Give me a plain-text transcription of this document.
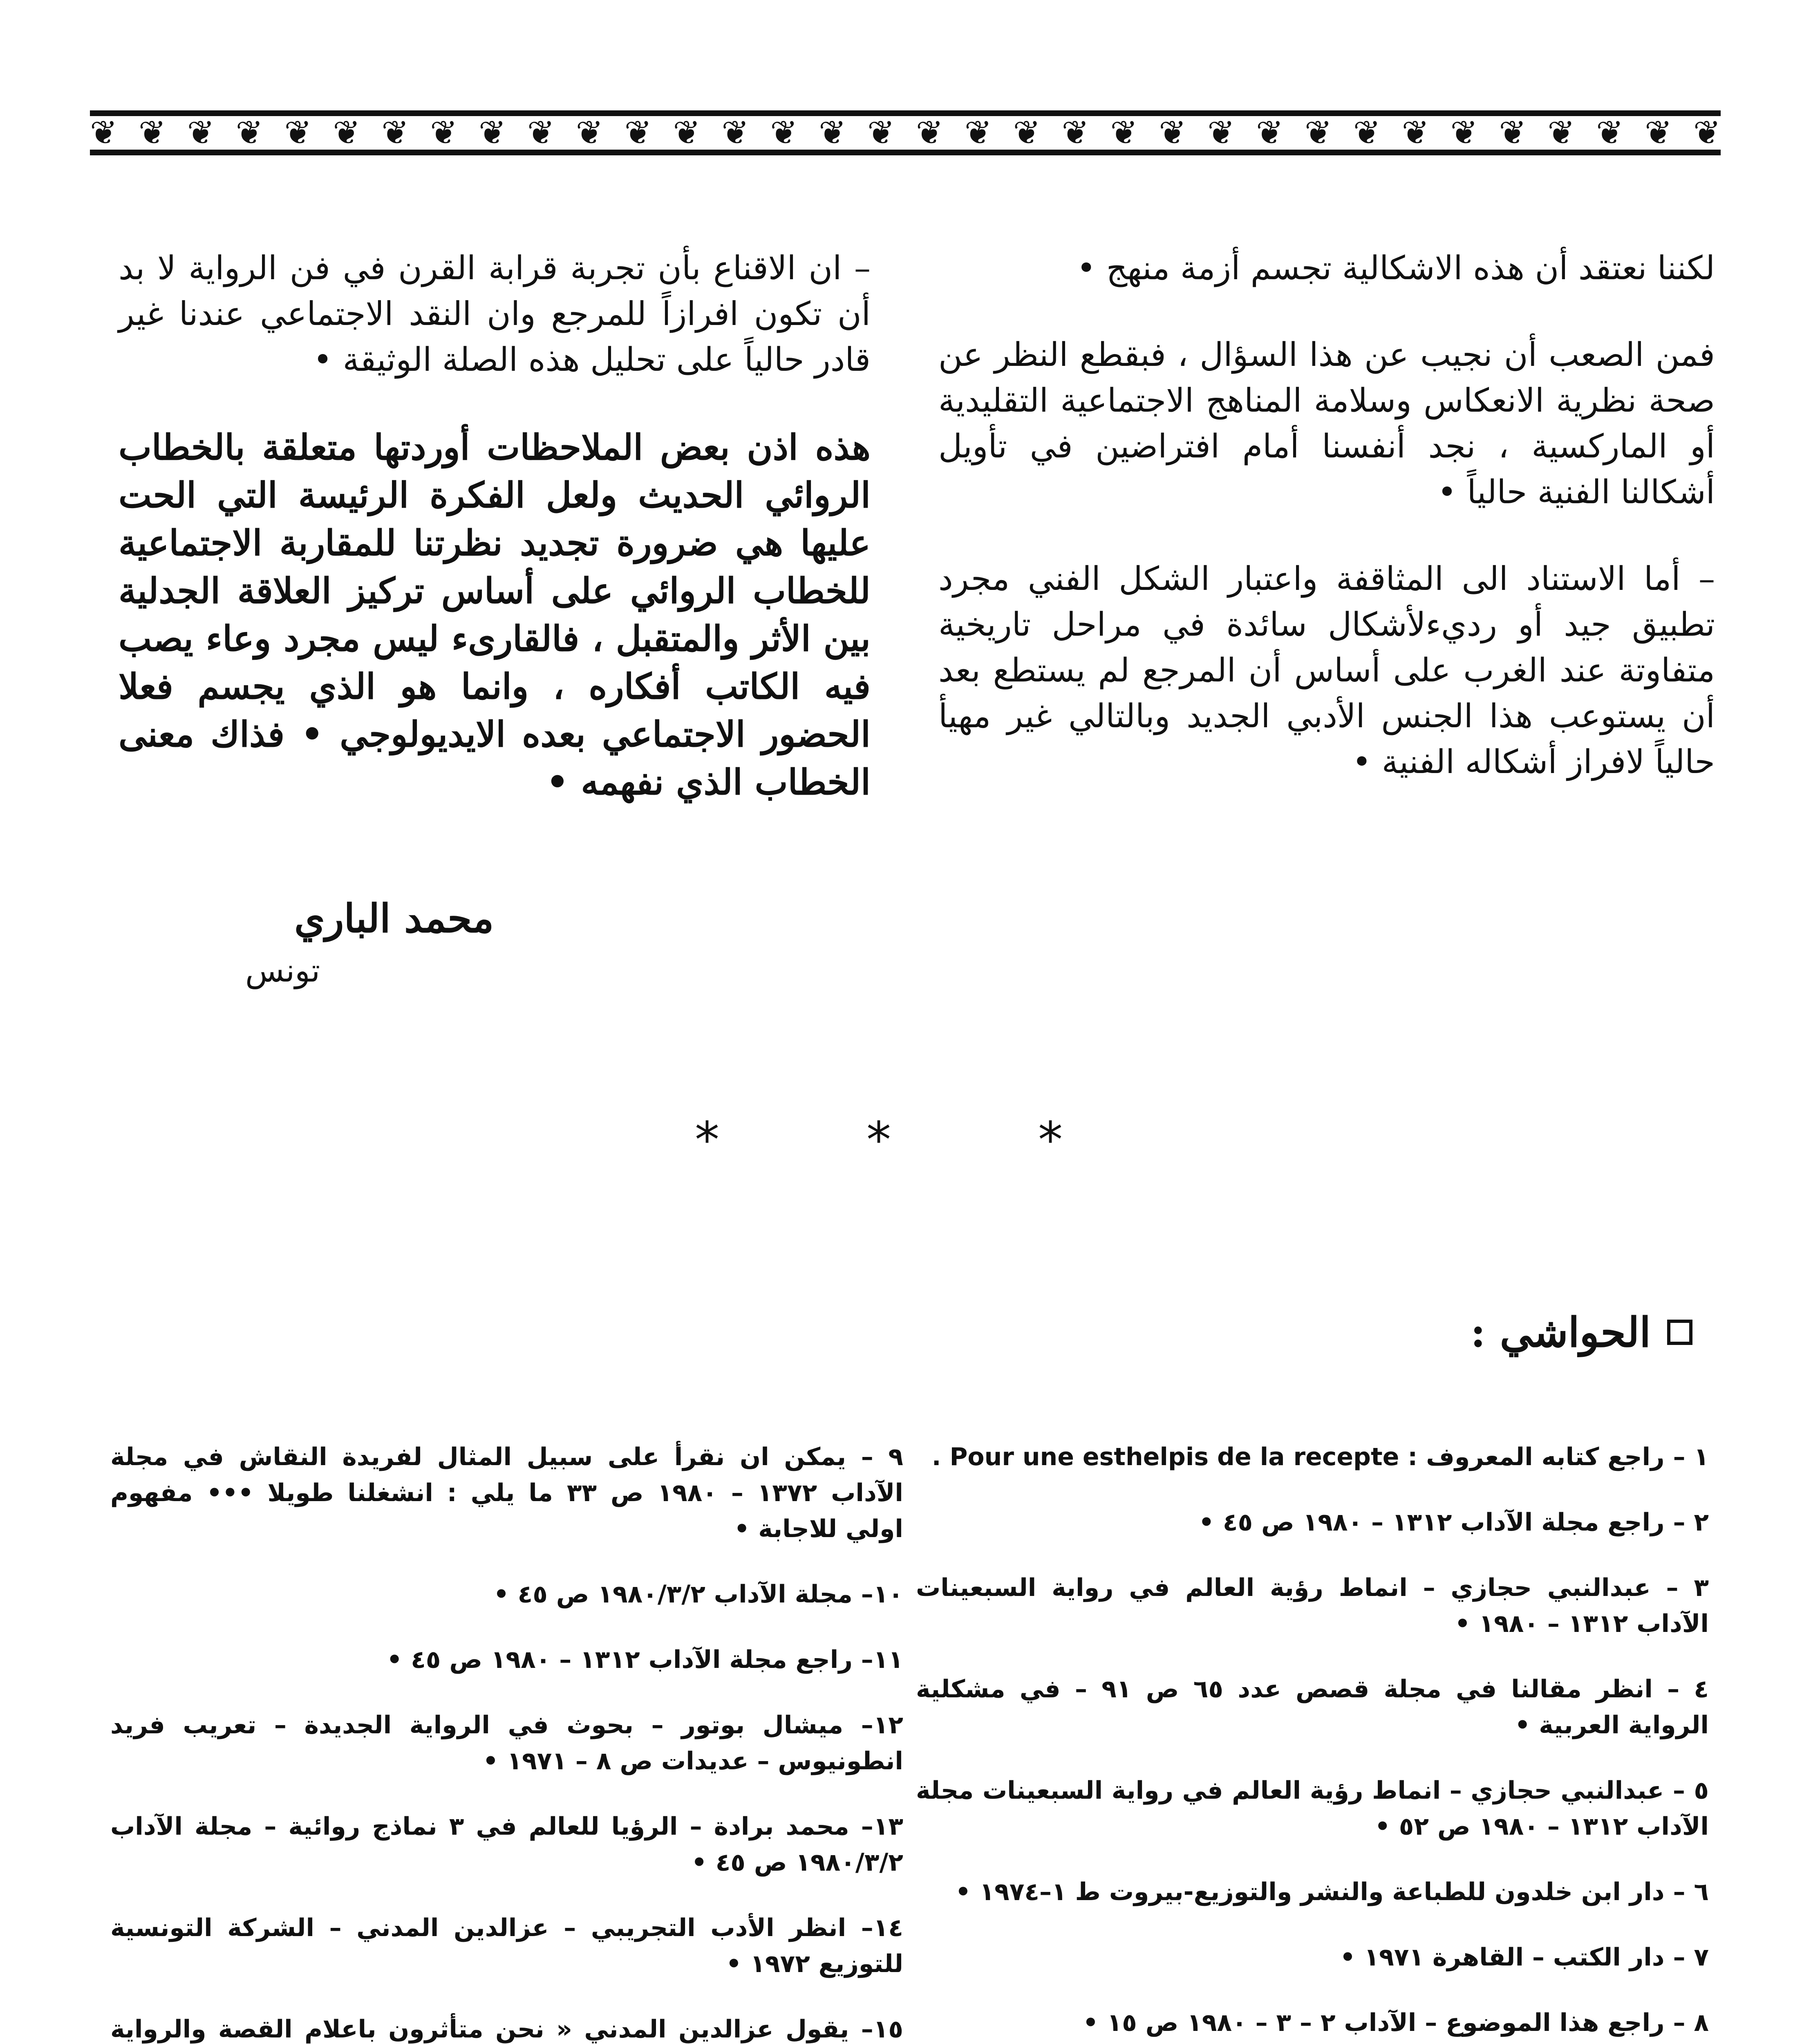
❦ ❦ ❦ ❦ ❦ ❦ ❦ ❦ ❦ ❦ ❦ ❦ ❦ ❦ ❦ ❦ ❦ ❦ ❦ ❦ ❦ ❦ ❦ ❦ ❦ ❦ ❦ ❦ ❦ ❦ ❦ ❦ ❦ ❦

لكننا نعتقد أن هذه الاشكالية تجسم أزمة منهج •

فمن الصعب أن نجيب عن هذا السؤال ، فبقطع النظر عن صحة نظرية الانعكاس وسلامة المناهج الاجتماعية التقليدية أو الماركسية ، نجد أنفسنا أمام افتراضين في تأويل أشكالنا الفنية حالياً •

– أما الاستناد الى المثاقفة واعتبار الشكل الفني مجرد تطبيق جيد أو رديءلأشكال سائدة في مراحل تاريخية متفاوتة عند الغرب على أساس أن المرجع لم يستطع بعد أن يستوعب هذا الجنس الأدبي الجديد وبالتالي غير مهيأ حالياً لافراز أشكاله الفنية •

– ان الاقناع بأن تجربة قرابة القرن في فن الرواية لا بد أن تكون افرازاً للمرجع وان النقد الاجتماعي عندنا غير قادر حالياً على تحليل هذه الصلة الوثيقة •

هذه اذن بعض الملاحظات أوردتها متعلقة بالخطاب الروائي الحديث ولعل الفكرة الرئيسة التي الحت عليها هي ضرورة تجديد نظرتنا للمقاربة الاجتماعية للخطاب الروائي على أساس تركيز العلاقة الجدلية بين الأثر والمتقبل ، فالقارىء ليس مجرد وعاء يصب فيه الكاتب أفكاره ، وانما هو الذي يجسم فعلا الحضور الاجتماعي بعده الايديولوجي • فذاك معنى الخطاب الذي نفهمه •

محمد الباري
تونس
*	*	*
الحواشي :

١ – راجع كتابه المعروف : Pour une esthelpis de la recepte .

٢ – راجع مجلة الآداب ١٣١٢ – ١٩٨٠ ص ٤٥ •

٣ – عبدالنبي حجازي – انماط رؤية العالم في رواية السبعينات الآداب ١٣١٢ – ١٩٨٠ •

٤ – انظر مقالنا في مجلة قصص عدد ٦٥ ص ٩١ – في مشكلية الرواية العربية •

٥ – عبدالنبي حجازي – انماط رؤية العالم في رواية السبعينات مجلة الآداب ١٣١٢ – ١٩٨٠ ص ٥٢ •

٦ – دار ابن خلدون للطباعة والنشر والتوزيع-بيروت ط ١–١٩٧٤ •

٧ – دار الكتب – القاهرة ١٩٧١ •

٨ – راجع هذا الموضوع – الآداب ٢ – ٣ – ١٩٨٠ ص ١٥ •

٩ – يمكن ان نقرأ على سبيل المثال لفريدة النقاش في مجلة الآداب ١٣٧٢ – ١٩٨٠ ص ٣٣ ما يلي : انشغلنا طويلا ••• مفهوم اولي للاجابة •

١٠– مجلة الآداب ١٩٨٠/٣/٢ ص ٤٥ •

١١– راجع مجلة الآداب ١٣١٢ – ١٩٨٠ ص ٤٥ •

١٢– ميشال بوتور – بحوث في الرواية الجديدة – تعريب فريد انطونيوس – عديدات ص ٨ – ١٩٧١ •

١٣– محمد برادة – الرؤيا للعالم في ٣ نماذج روائية – مجلة الآداب ١٩٨٠/٣/٢ ص ٤٥ •

١٤– انظر الأدب التجريبي – عزالدين المدني – الشركة التونسية للتوزيع ١٩٧٢ •

١٥– يقول عزالدين المدني « نحن متأثرون باعلام القصة والرواية
